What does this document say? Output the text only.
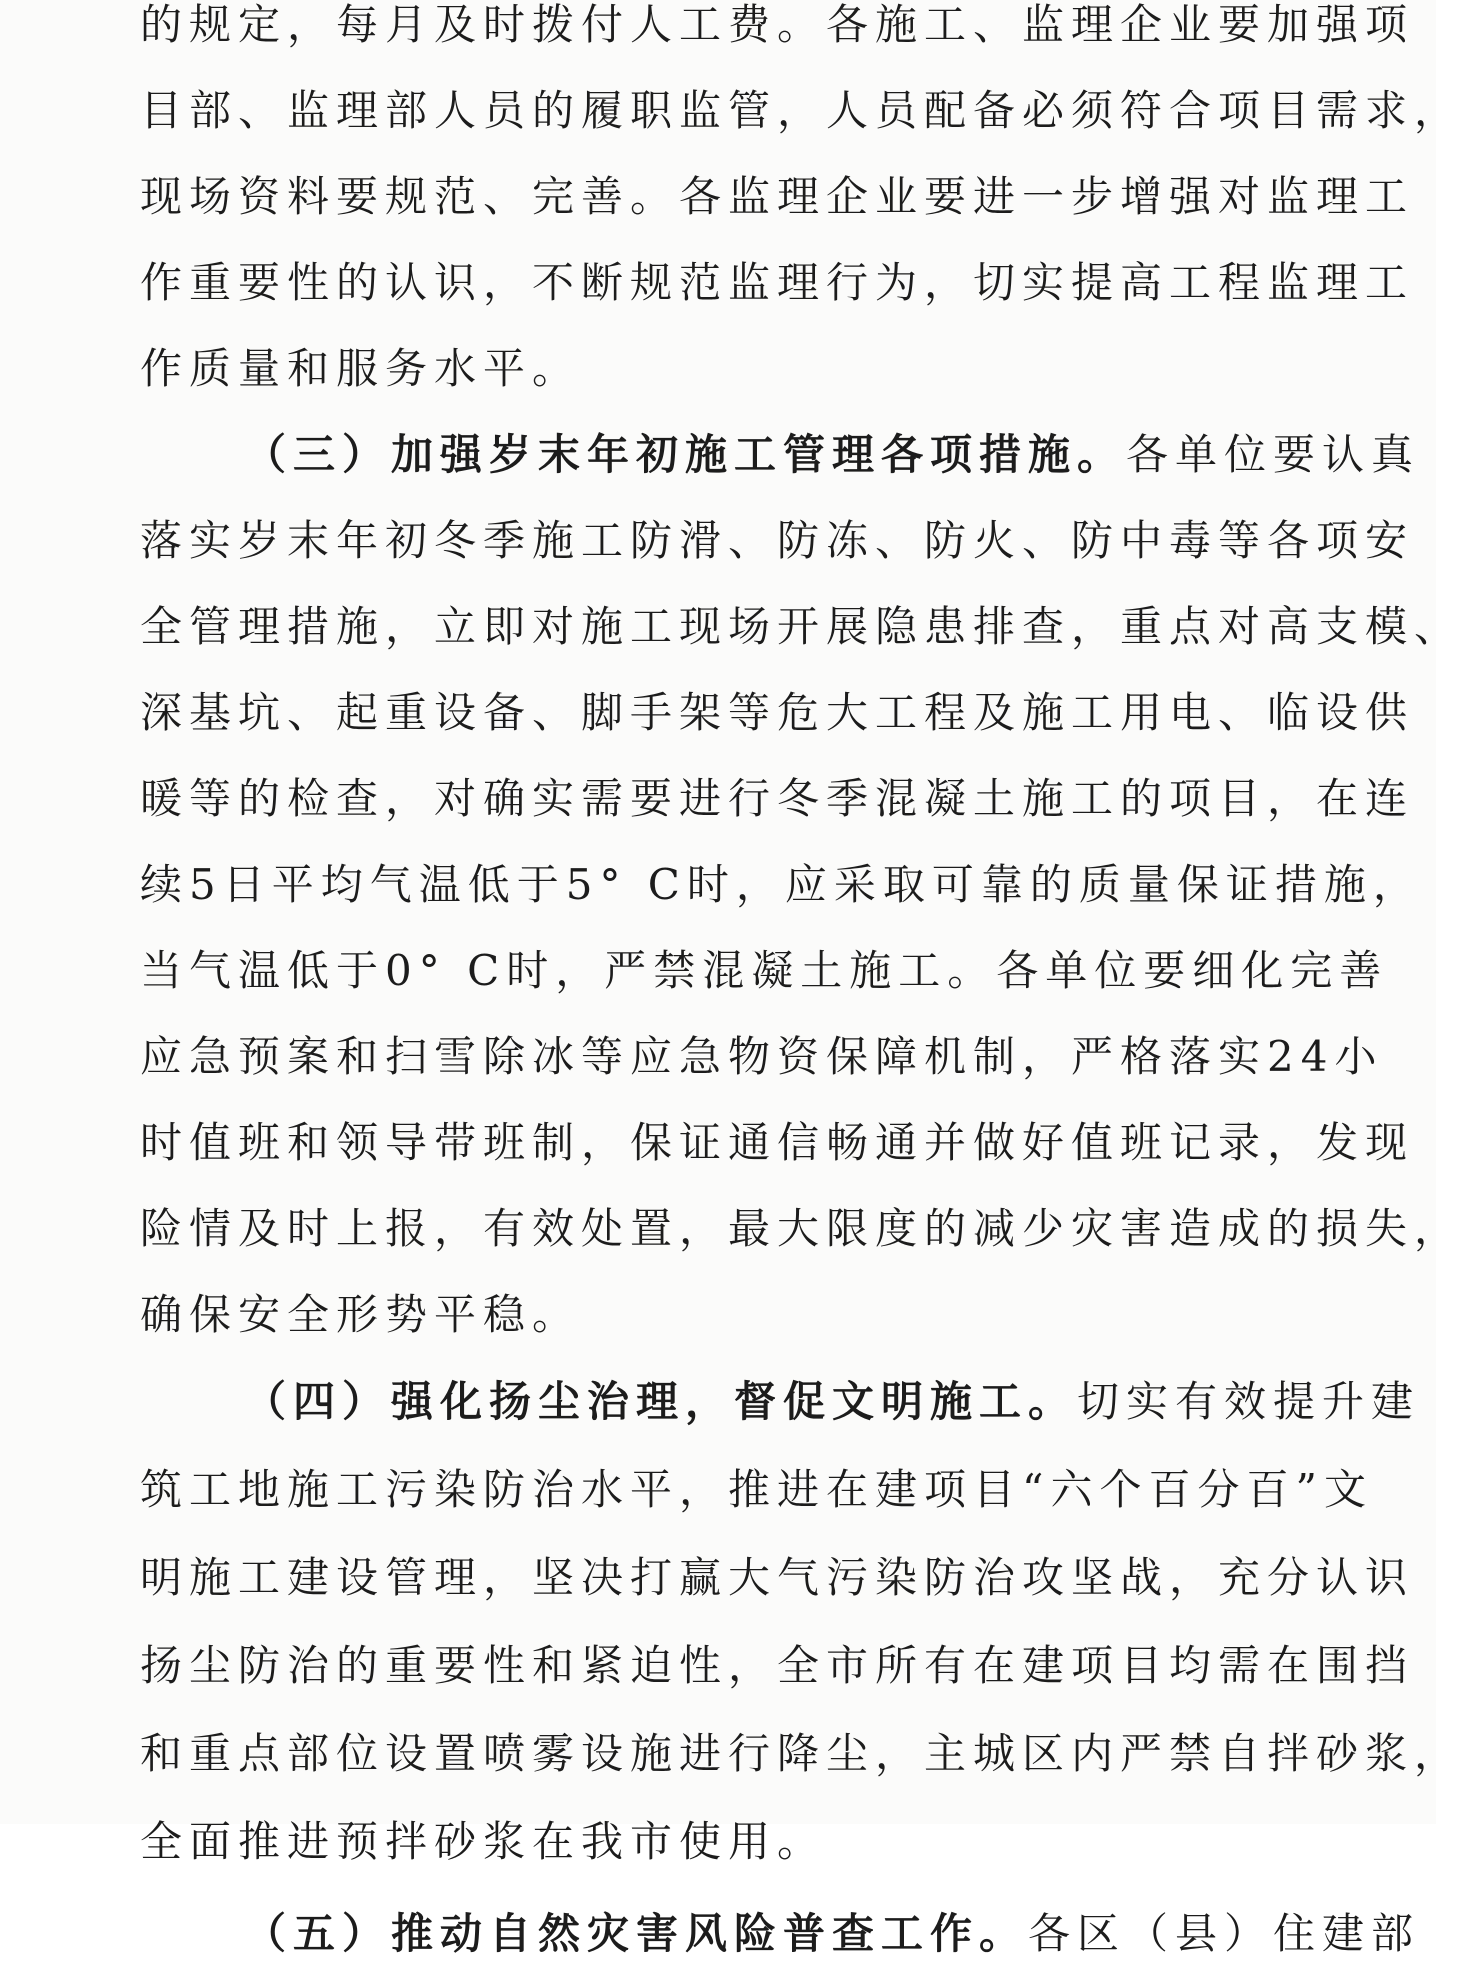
的规定，每月及时拨付人工费。各施工、监理企业要加强项
目部、监理部人员的履职监管，人员配备必须符合项目需求，
现场资料要规范、完善。各监理企业要进一步增强对监理工
作重要性的认识，不断规范监理行为，切实提高工程监理工
作质量和服务水平。
（三）加强岁末年初施工管理各项措施。各单位要认真
落实岁末年初冬季施工防滑、防冻、防火、防中毒等各项安
全管理措施，立即对施工现场开展隐患排查，重点对高支模、
深基坑、起重设备、脚手架等危大工程及施工用电、临设供
暖等的检查，对确实需要进行冬季混凝土施工的项目，在连
续5日平均气温低于5° C时，应采取可靠的质量保证措施，
当气温低于0° C时，严禁混凝土施工。各单位要细化完善
应急预案和扫雪除冰等应急物资保障机制，严格落实24小
时值班和领导带班制，保证通信畅通并做好值班记录，发现
险情及时上报，有效处置，最大限度的减少灾害造成的损失，
确保安全形势平稳。
（四）强化扬尘治理，督促文明施工。切实有效提升建
筑工地施工污染防治水平，推进在建项目“六个百分百”文
明施工建设管理，坚决打赢大气污染防治攻坚战，充分认识
扬尘防治的重要性和紧迫性，全市所有在建项目均需在围挡
和重点部位设置喷雾设施进行降尘，主城区内严禁自拌砂浆，
全面推进预拌砂浆在我市使用。
（五）推动自然灾害风险普查工作。各区（县）住建部
